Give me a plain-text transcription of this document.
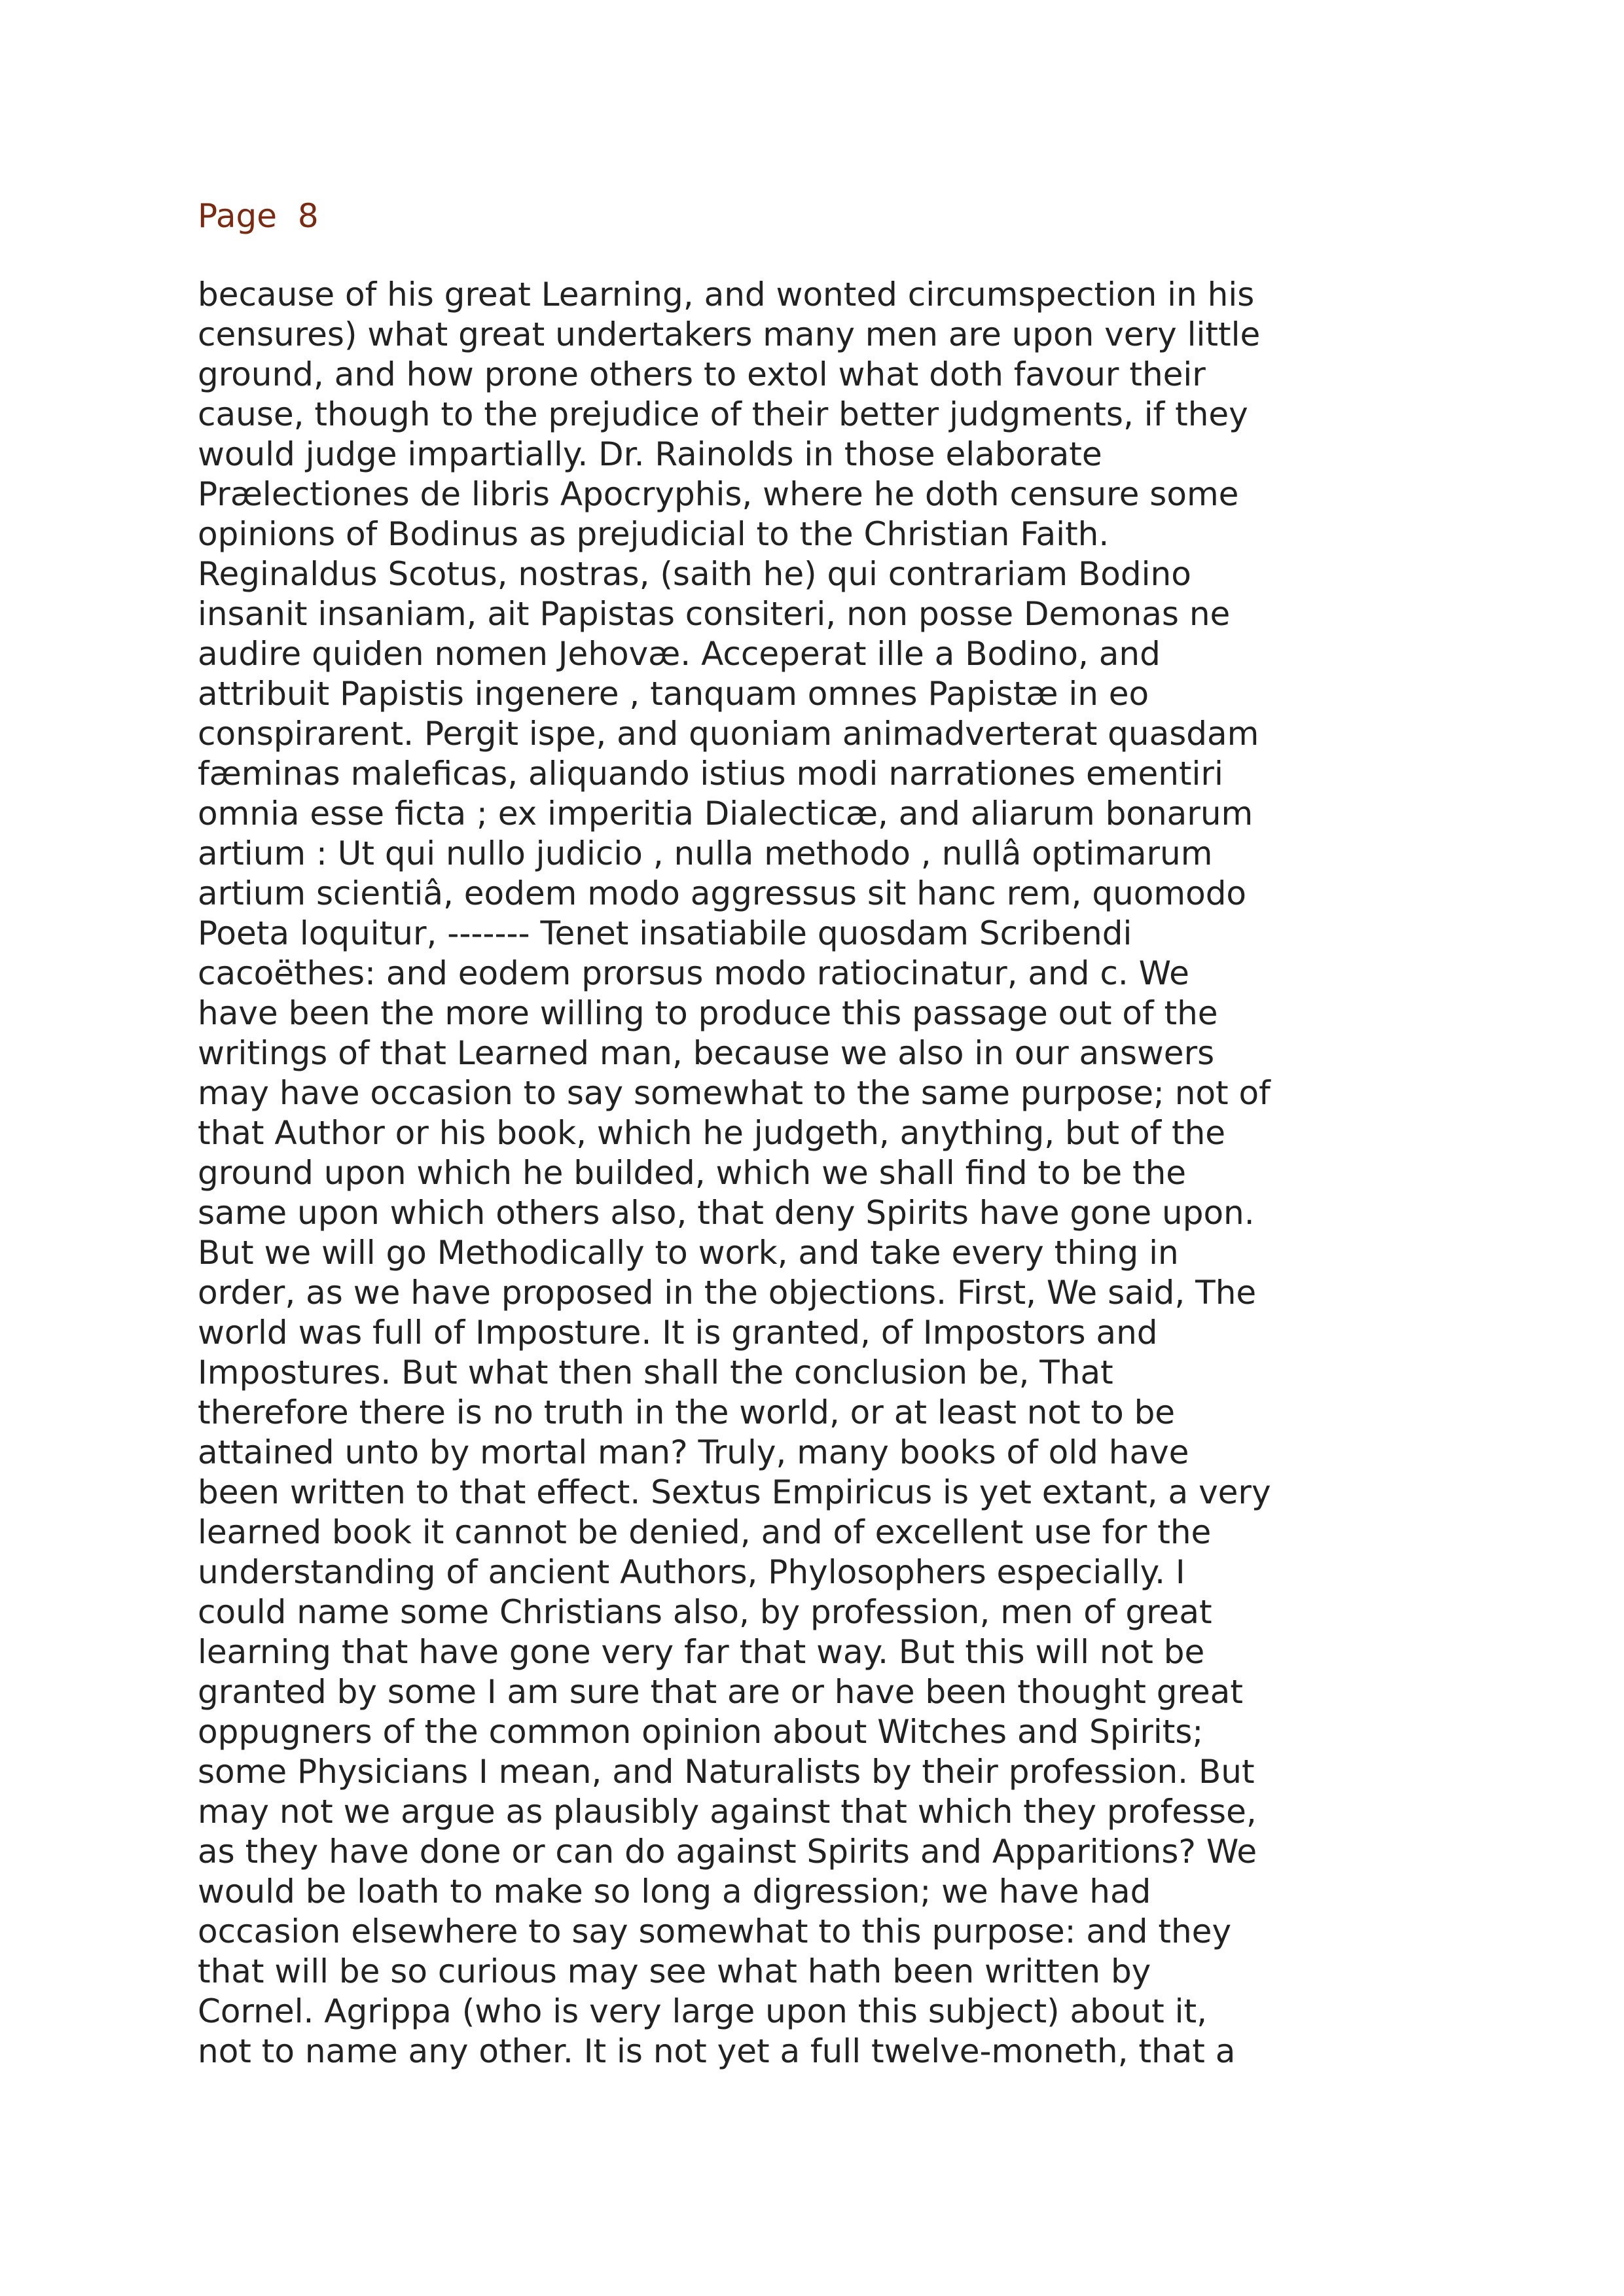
Page  8
because of his great Learning, and wonted circumspection in his
censures) what great undertakers many men are upon very little
ground, and how prone others to extol what doth favour their
cause, though to the prejudice of their better judgments, if they
would judge impartially. Dr. Rainolds in those elaborate
Prælectiones de libris Apocryphis, where he doth censure some
opinions of Bodinus as prejudicial to the Christian Faith.
Reginaldus Scotus, nostras, (saith he) qui contrariam Bodino
insanit insaniam, ait Papistas consiteri, non posse Demonas ne
audire quiden nomen Jehovæ. Acceperat ille a Bodino, and
attribuit Papistis ingenere , tanquam omnes Papistæ in eo
conspirarent. Pergit ispe, and quoniam animadverterat quasdam
fæminas maleficas, aliquando istius modi narrationes ementiri
omnia esse ficta ; ex imperitia Dialecticæ, and aliarum bonarum
artium : Ut qui nullo judicio , nulla methodo , nullâ optimarum
artium scientiâ, eodem modo aggressus sit hanc rem, quomodo
Poeta loquitur, ------- Tenet insatiabile quosdam Scribendi
cacoëthes: and eodem prorsus modo ratiocinatur, and c. We
have been the more willing to produce this passage out of the
writings of that Learned man, because we also in our answers
may have occasion to say somewhat to the same purpose; not of
that Author or his book, which he judgeth, anything, but of the
ground upon which he builded, which we shall find to be the
same upon which others also, that deny Spirits have gone upon.
But we will go Methodically to work, and take every thing in
order, as we have proposed in the objections. First, We said, The
world was full of Imposture. It is granted, of Impostors and
Impostures. But what then shall the conclusion be, That
therefore there is no truth in the world, or at least not to be
attained unto by mortal man? Truly, many books of old have
been written to that effect. Sextus Empiricus is yet extant, a very
learned book it cannot be denied, and of excellent use for the
understanding of ancient Authors, Phylosophers especially. I
could name some Christians also, by profession, men of great
learning that have gone very far that way. But this will not be
granted by some I am sure that are or have been thought great
oppugners of the common opinion about Witches and Spirits;
some Physicians I mean, and Naturalists by their profession. But
may not we argue as plausibly against that which they professe,
as they have done or can do against Spirits and Apparitions? We
would be loath to make so long a digression; we have had
occasion elsewhere to say somewhat to this purpose: and they
that will be so curious may see what hath been written by
Cornel. Agrippa (who is very large upon this subject) about it,
not to name any other. It is not yet a full twelve-moneth, that a
